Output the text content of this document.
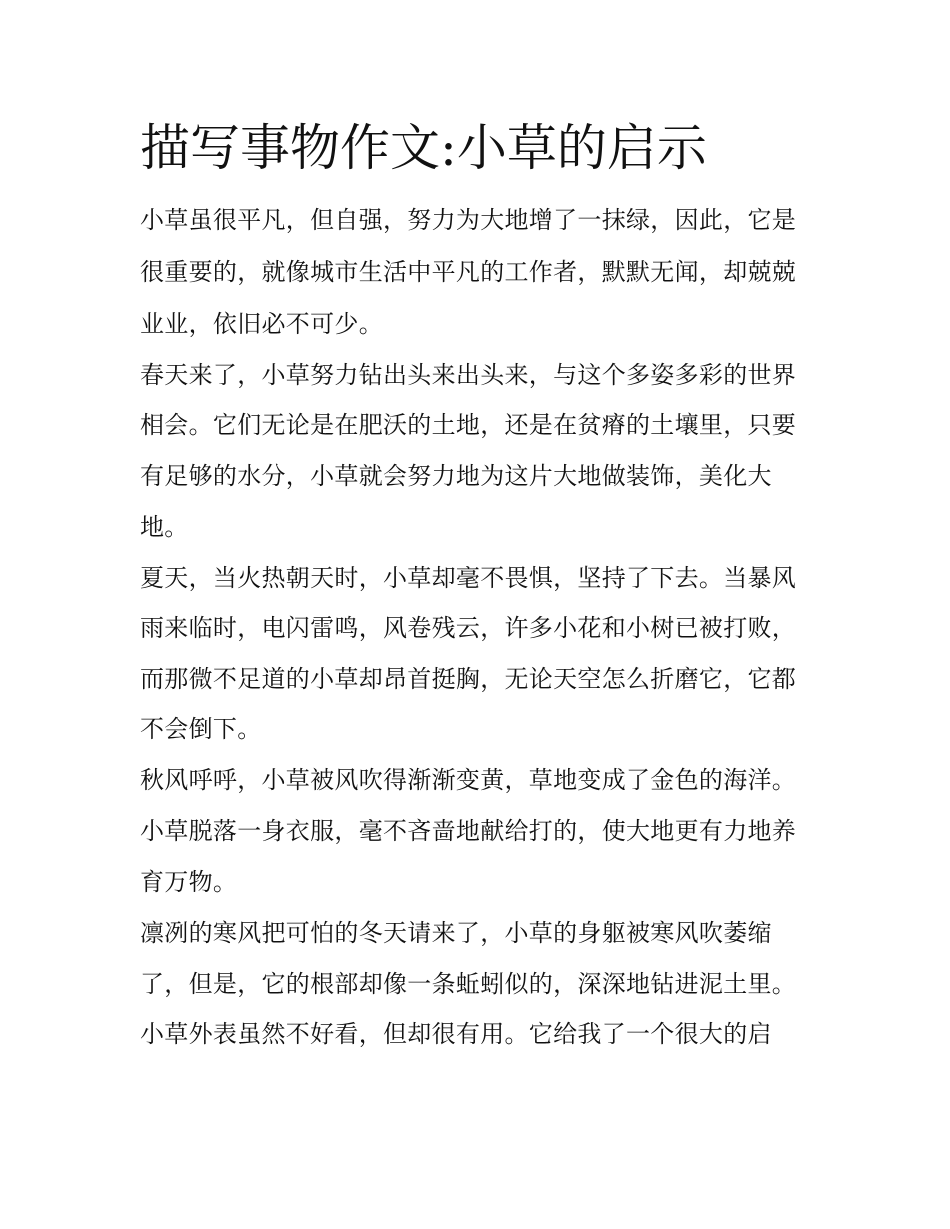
描写事物作文:小草的启示

小草虽很平凡，但自强，努力为大地增了一抹绿，因此，它是

很重要的，就像城市生活中平凡的工作者，默默无闻，却兢兢

业业，依旧必不可少。

春天来了，小草努力钻出头来出头来，与这个多姿多彩的世界

相会。它们无论是在肥沃的土地，还是在贫瘠的土壤里，只要

有足够的水分，小草就会努力地为这片大地做装饰，美化大

地。

夏天，当火热朝天时，小草却毫不畏惧，坚持了下去。当暴风

雨来临时，电闪雷鸣，风卷残云，许多小花和小树已被打败，

而那微不足道的小草却昂首挺胸，无论天空怎么折磨它，它都

不会倒下。

秋风呼呼，小草被风吹得渐渐变黄，草地变成了金色的海洋。

小草脱落一身衣服，毫不吝啬地献给打的，使大地更有力地养

育万物。

凛冽的寒风把可怕的冬天请来了，小草的身躯被寒风吹萎缩

了，但是，它的根部却像一条蚯蚓似的，深深地钻进泥土里。

小草外表虽然不好看，但却很有用。它给我了一个很大的启
